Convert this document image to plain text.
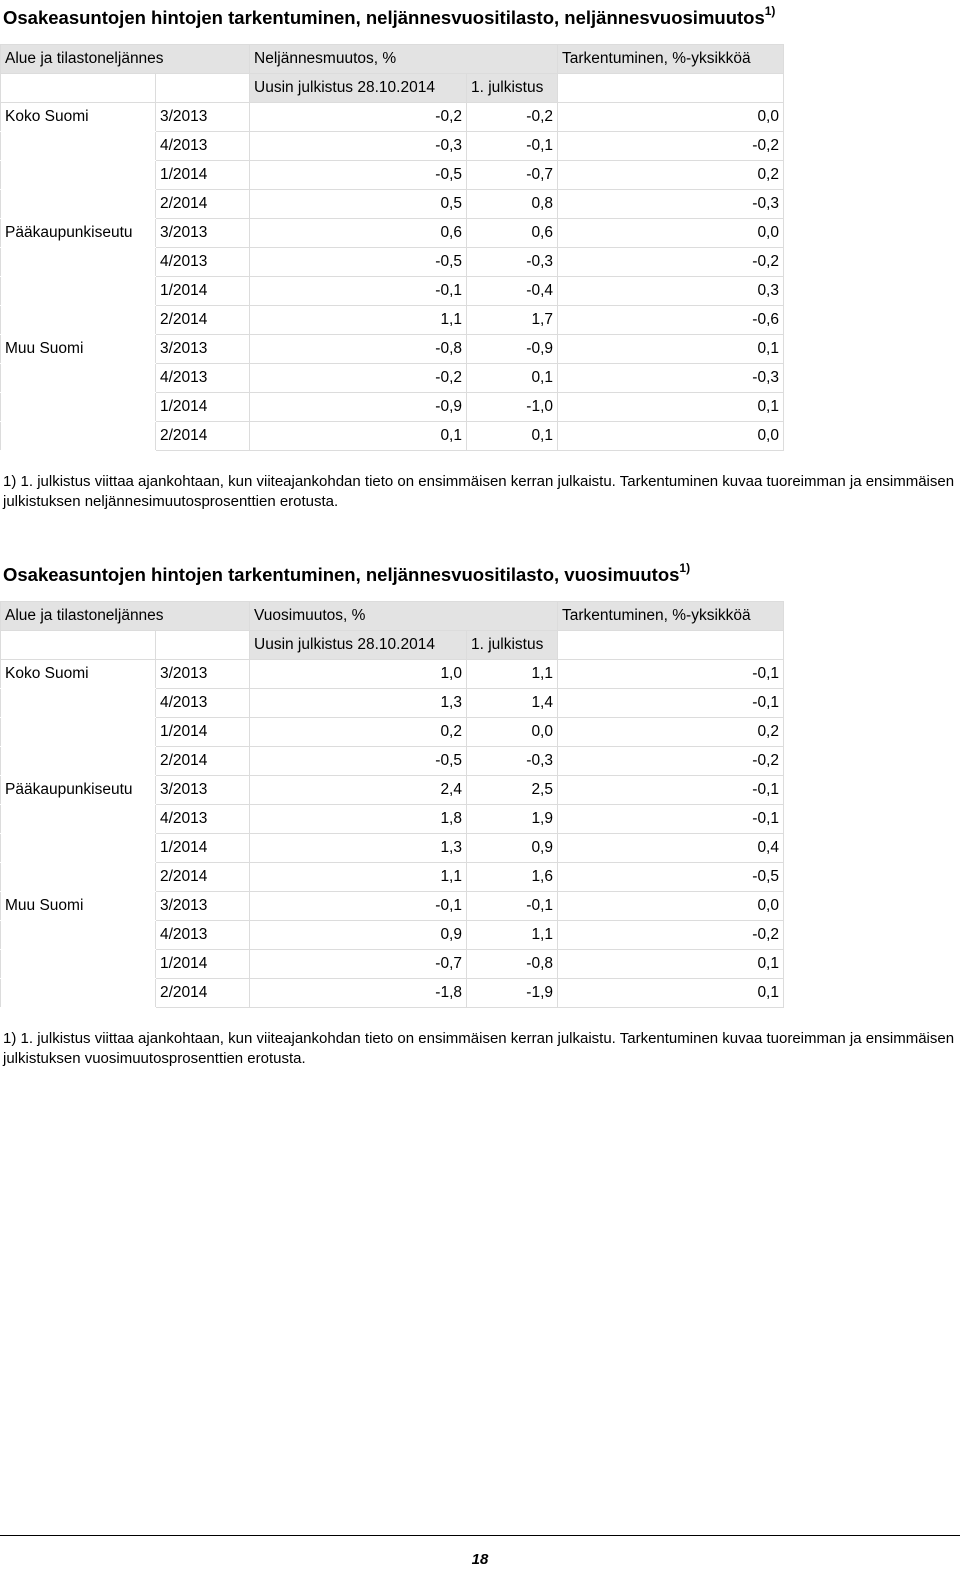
Osakeasuntojen hintojen tarkentuminen, neljännesvuositilasto, neljännesvuosimuutos$^{1)}$
Alue ja tilastoneljännes		Neljännesmuutos, %		Tarkentuminen, %-yksikköä
		Uusin julkistus 28.10.2014	1. julkistus	
Koko Suomi	3/2013	-0,2	-0,2	0,0
	4/2013	-0,3	-0,1	-0,2
	1/2014	-0,5	-0,7	0,2
	2/2014	0,5	0,8	-0,3
Pääkaupunkiseutu	3/2013	0,6	0,6	0,0
	4/2013	-0,5	-0,3	-0,2
	1/2014	-0,1	-0,4	0,3
	2/2014	1,1	1,7	-0,6
Muu Suomi	3/2013	-0,8	-0,9	0,1
	4/2013	-0,2	0,1	-0,3
	1/2014	-0,9	-1,0	0,1
	2/2014	0,1	0,1	0,0

1) 1. julkistus viittaa ajankohtaan, kun viiteajankohdan tieto on ensimmäisen kerran julkaistu. Tarkentuminen kuvaa tuoreimman ja ensimmäisen julkistuksen neljännesimuutosprosenttien erotusta.

Osakeasuntojen hintojen tarkentuminen, neljännesvuositilasto, vuosimuutos$^{1)}$
Alue ja tilastoneljännes		Vuosimuutos, %		Tarkentuminen, %-yksikköä
		Uusin julkistus 28.10.2014	1. julkistus	
Koko Suomi	3/2013	1,0	1,1	-0,1
	4/2013	1,3	1,4	-0,1
	1/2014	0,2	0,0	0,2
	2/2014	-0,5	-0,3	-0,2
Pääkaupunkiseutu	3/2013	2,4	2,5	-0,1
	4/2013	1,8	1,9	-0,1
	1/2014	1,3	0,9	0,4
	2/2014	1,1	1,6	-0,5
Muu Suomi	3/2013	-0,1	-0,1	0,0
	4/2013	0,9	1,1	-0,2
	1/2014	-0,7	-0,8	0,1
	2/2014	-1,8	-1,9	0,1

1) 1. julkistus viittaa ajankohtaan, kun viiteajankohdan tieto on ensimmäisen kerran julkaistu. Tarkentuminen kuvaa tuoreimman ja ensimmäisen julkistuksen vuosimuutosprosenttien erotusta.

18
